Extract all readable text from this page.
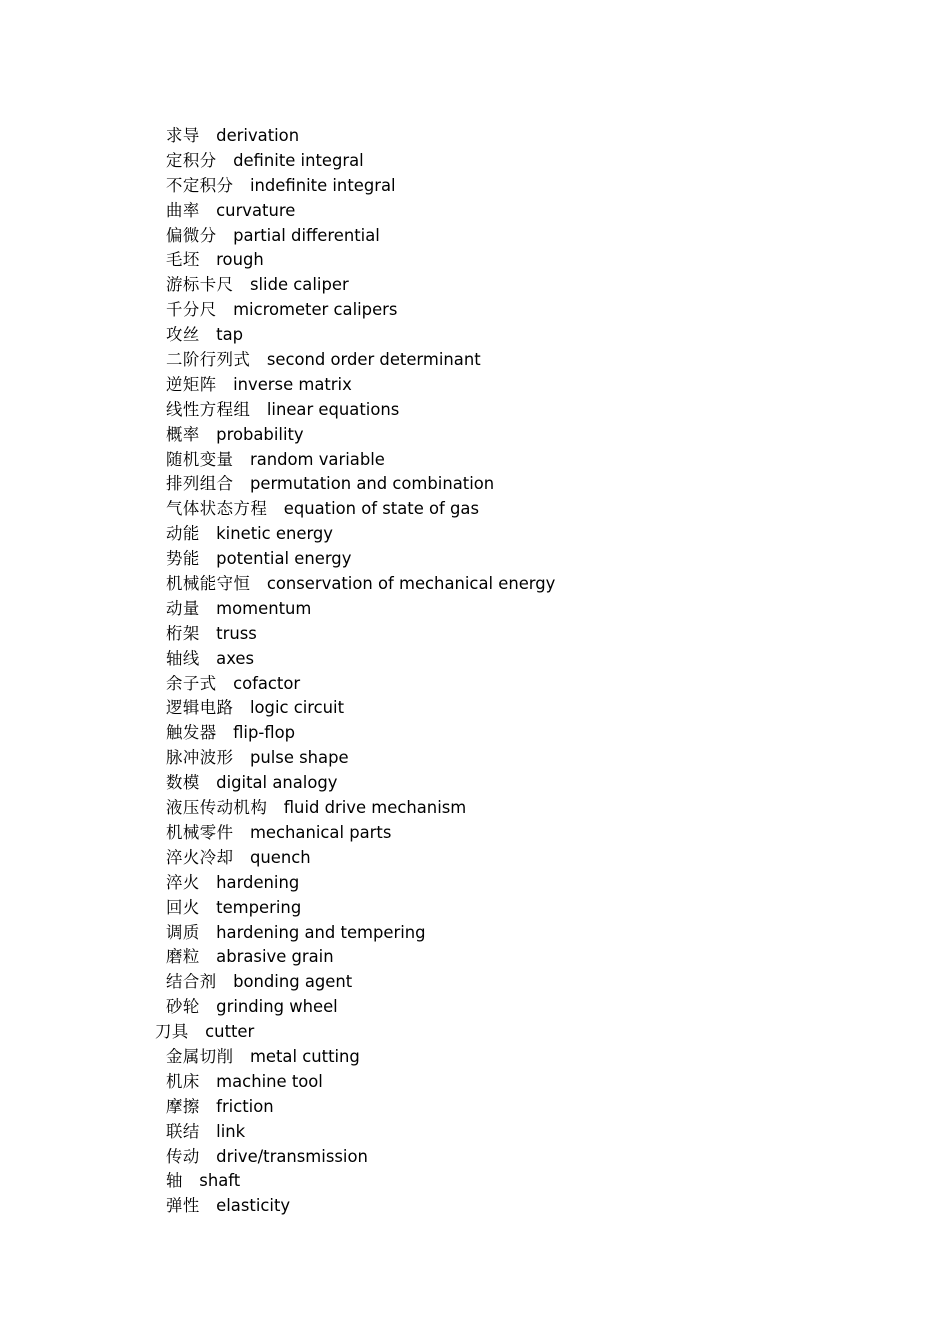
求导　 derivation
定积分　 definite integral
不定积分　 indefinite integral
曲率　 curvature
偏微分　 partial differential
毛坯　 rough
游标卡尺　 slide caliper
千分尺　 micrometer calipers
攻丝　 tap
二阶行列式　 second order determinant
逆矩阵　 inverse matrix
线性方程组　 linear equations
概率　 probability
随机变量　 random variable
排列组合　 permutation and combination
气体状态方程　 equation of state of gas
动能　 kinetic energy
势能　 potential energy
机械能守恒　 conservation of mechanical energy
动量　 momentum
桁架　 truss
轴线　 axes
余子式　 cofactor
逻辑电路　 logic circuit
触发器　 flip-flop
脉冲波形　 pulse shape
数模　 digital analogy
液压传动机构　 fluid drive mechanism
机械零件　 mechanical parts
淬火冷却　 quench
淬火　 hardening
回火　 tempering
调质　 hardening and tempering
磨粒　 abrasive grain
结合剂　 bonding agent
砂轮　 grinding wheel
刀具　 cutter
金属切削　 metal cutting
机床　 machine tool
摩擦　 friction
联结　 link
传动　 drive/transmission
轴　 shaft
弹性　 elasticity
